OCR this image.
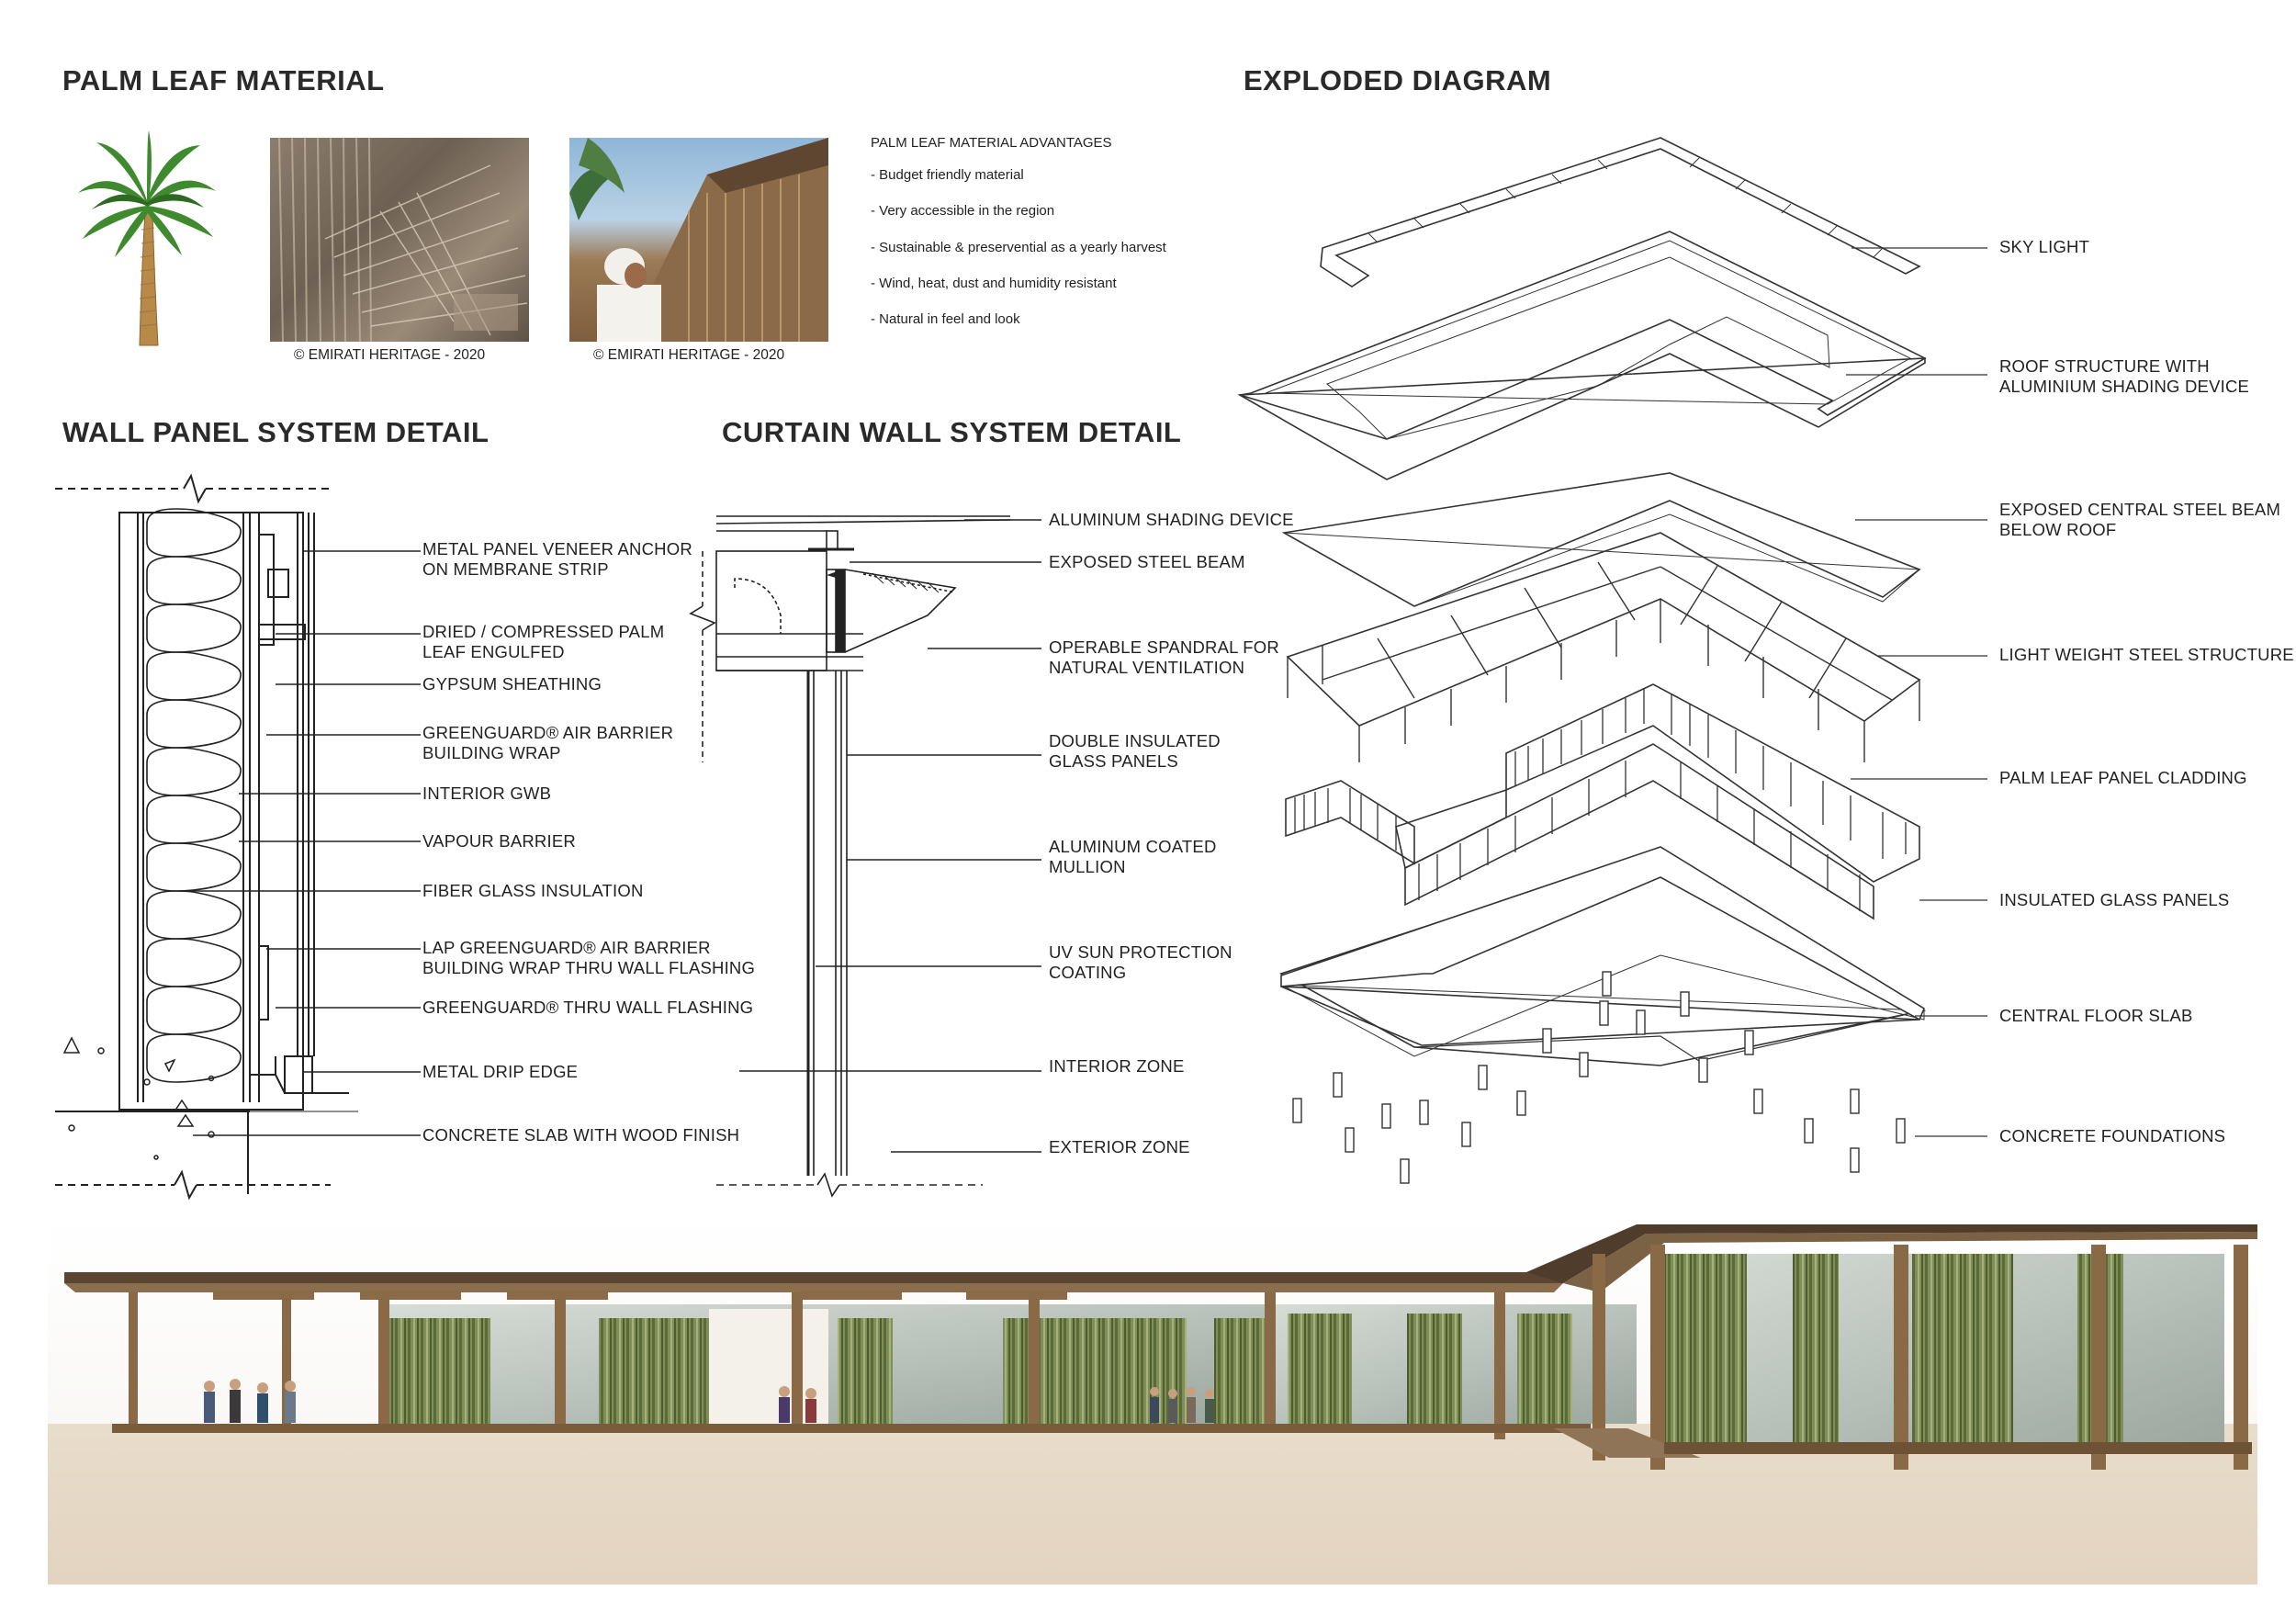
PALM LEAF MATERIAL	EXPLODED DIAGRAM
WALL PANEL SYSTEM DETAIL	CURTAIN WALL SYSTEM DETAIL
© EMIRATI HERITAGE - 2020	© EMIRATI HERITAGE - 2020
PALM LEAF MATERIAL ADVANTAGES
- Budget friendly material
- Very accessible in the region
- Sustainable & preservential as a yearly harvest
- Wind, heat, dust and humidity resistant
- Natural in feel and look
METAL PANEL VENEER ANCHOR
ON MEMBRANE STRIP
DRIED / COMPRESSED PALM
LEAF ENGULFED
GYPSUM SHEATHING
GREENGUARD® AIR BARRIER
BUILDING WRAP
INTERIOR GWB
VAPOUR BARRIER
FIBER GLASS INSULATION
LAP GREENGUARD® AIR BARRIER
BUILDING WRAP THRU WALL FLASHING
GREENGUARD® THRU WALL FLASHING
METAL DRIP EDGE
CONCRETE SLAB WITH WOOD FINISH
ALUMINUM SHADING DEVICE
EXPOSED STEEL BEAM
OPERABLE SPANDRAL FOR
NATURAL VENTILATION
DOUBLE INSULATED
GLASS PANELS
ALUMINUM COATED
MULLION
UV SUN PROTECTION
COATING
INTERIOR ZONE
EXTERIOR ZONE
SKY LIGHT
ROOF STRUCTURE WITH
ALUMINIUM SHADING DEVICE
EXPOSED CENTRAL STEEL BEAM
BELOW ROOF
LIGHT WEIGHT STEEL STRUCTURE
PALM LEAF PANEL CLADDING
INSULATED GLASS PANELS
CENTRAL FLOOR SLAB
CONCRETE FOUNDATIONS
